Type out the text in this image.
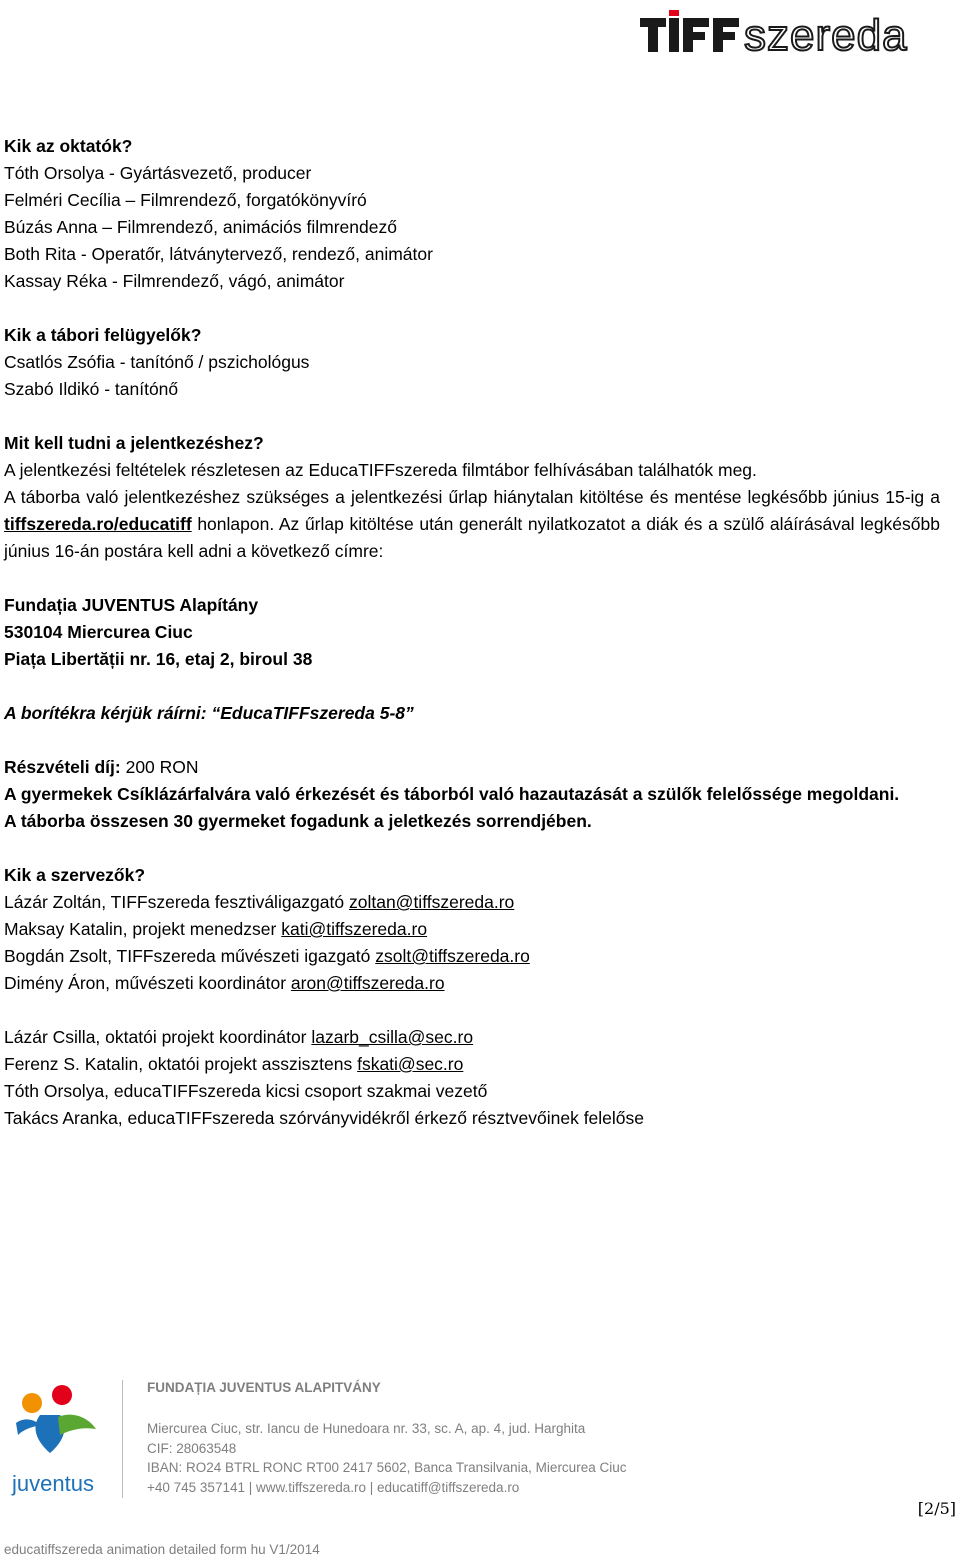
szereda

Kik az oktatók?

Tóth Orsolya - Gyártásvezető, producer

Felméri Cecília – Filmrendező, forgatókönyvíró

Búzás Anna – Filmrendező, animációs filmrendező

Both Rita - Operatőr, látványtervező, rendező, animátor

Kassay Réka - Filmrendező, vágó, animátor

Kik a tábori felügyelők?

Csatlós Zsófia - tanítónő / pszichológus

Szabó Ildikó - tanítónő

Mit kell tudni a jelentkezéshez?

A jelentkezési feltételek részletesen az EducaTIFFszereda filmtábor felhívásában találhatók meg.

A táborba való jelentkezéshez szükséges a jelentkezési űrlap hiánytalan kitöltése és mentése legkésőbb június 15-ig a tiffszereda.ro/educatiff honlapon. Az űrlap kitöltése után generált nyilatkozatot a diák és a szülő aláírásával legkésőbb június 16-án postára kell adni a következő címre:

Fundația JUVENTUS Alapítány

530104 Miercurea Ciuc

Piața Libertății nr. 16, etaj 2, biroul 38

A borítékra kérjük ráírni: “EducaTIFFszereda 5-8”

Részvételi díj: 200 RON

A gyermekek Csíklázárfalvára való érkezését és táborból való hazautazását a szülők felelőssége megoldani.

A táborba összesen 30 gyermeket fogadunk a jeletkezés sorrendjében.

Kik a szervezők?

Lázár Zoltán, TIFFszereda fesztiváligazgató zoltan@tiffszereda.ro

Maksay Katalin, projekt menedzser kati@tiffszereda.ro

Bogdán Zsolt, TIFFszereda művészeti igazgató zsolt@tiffszereda.ro

Dimény Áron, művészeti koordinátor aron@tiffszereda.ro

Lázár Csilla, oktatói projekt koordinátor lazarb_csilla@sec.ro

Ferenz S. Katalin, oktatói projekt asszisztens fskati@sec.ro

Tóth Orsolya, educaTIFFszereda kicsi csoport szakmai vezető

Takács Aranka, educaTIFFszereda szórványvidékről érkező résztvevőinek felelőse

juventus
FUNDAȚIA JUVENTUS ALAPITVÁNY

Miercurea Ciuc, str. Iancu de Hunedoara nr. 33, sc. A, ap. 4, jud. Harghita

CIF: 28063548

IBAN: RO24 BTRL RONC RT00 2417 5602, Banca Transilvania, Miercurea Ciuc

+40 745 357141 | www.tiffszereda.ro | educatiff@tiffszereda.ro

[2/5]
educatiffszereda animation detailed form hu V1/2014
